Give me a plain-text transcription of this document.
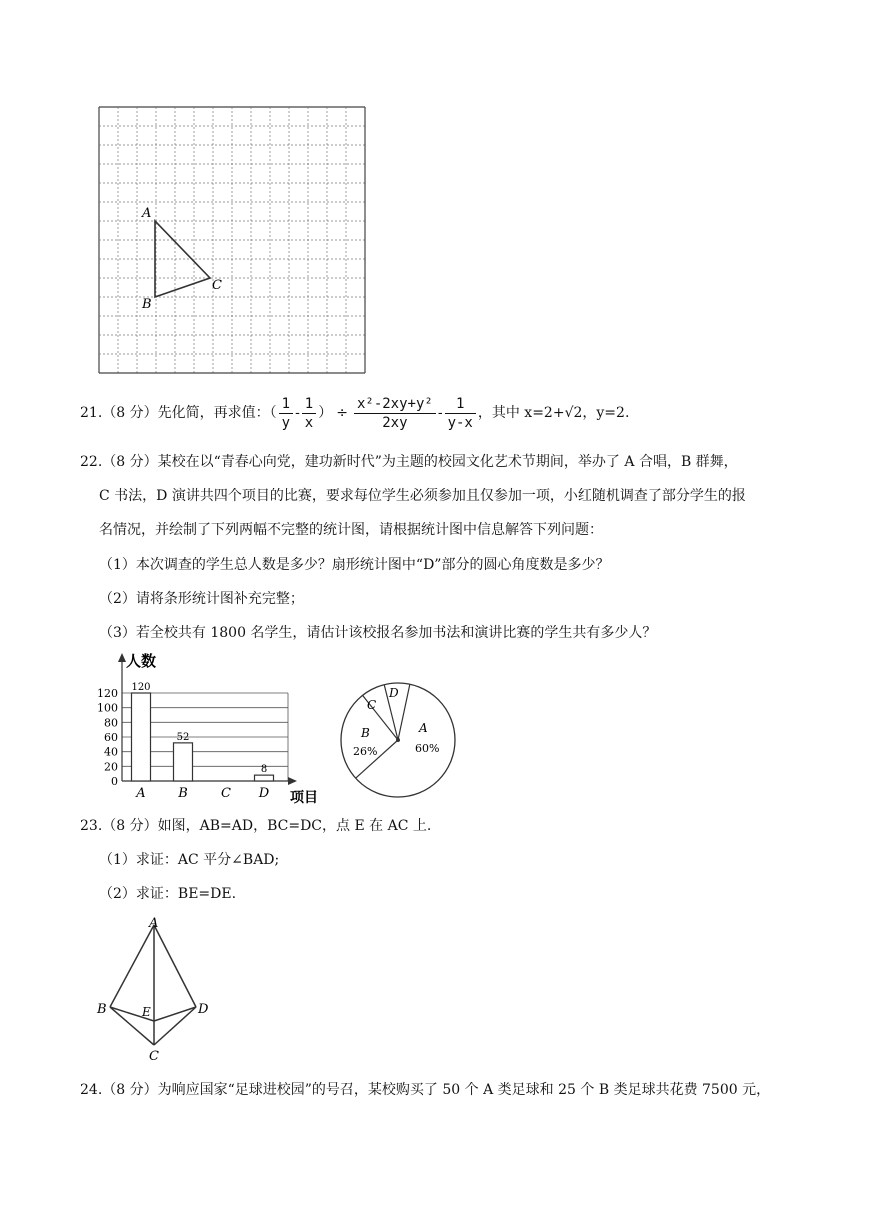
A
B
C
21.（8 分）先化简，再求值：（ $\frac{1}{y} - \frac{1}{x}$ ） ÷ $\frac{\text{x²-2xy+y²}}{2xy} - \frac{1}{y-x}$ ，其中 x=2+√2，y=2.
22.（8 分）某校在以“青春心向党，建功新时代”为主题的校园文化艺术节期间，举办了 A 合唱，B 群舞，
C 书法，D 演讲共四个项目的比赛，要求每位学生必须参加且仅参加一项，小红随机调查了部分学生的报
名情况，并绘制了下列两幅不完整的统计图，请根据统计图中信息解答下列问题：
（1）本次调查的学生总人数是多少？扇形统计图中“D”部分的圆心角度数是多少？
（2）请将条形统计图补充完整；
（3）若全校共有 1800 名学生，请估计该校报名参加书法和演讲比赛的学生共有多少人？
0
20
40
60
80
100
120
人数
项目
120
A
52
B	C
8
D
A
60%
B
26%
C
D
23.（8 分）如图，AB=AD，BC=DC，点 E 在 AC 上.
（1）求证：AC 平分∠BAD;
（2）求证：BE=DE.
A
B
C
D
E
24.（8 分）为响应国家“足球进校园”的号召，某校购买了 50 个 A 类足球和 25 个 B 类足球共花费 7500 元，
